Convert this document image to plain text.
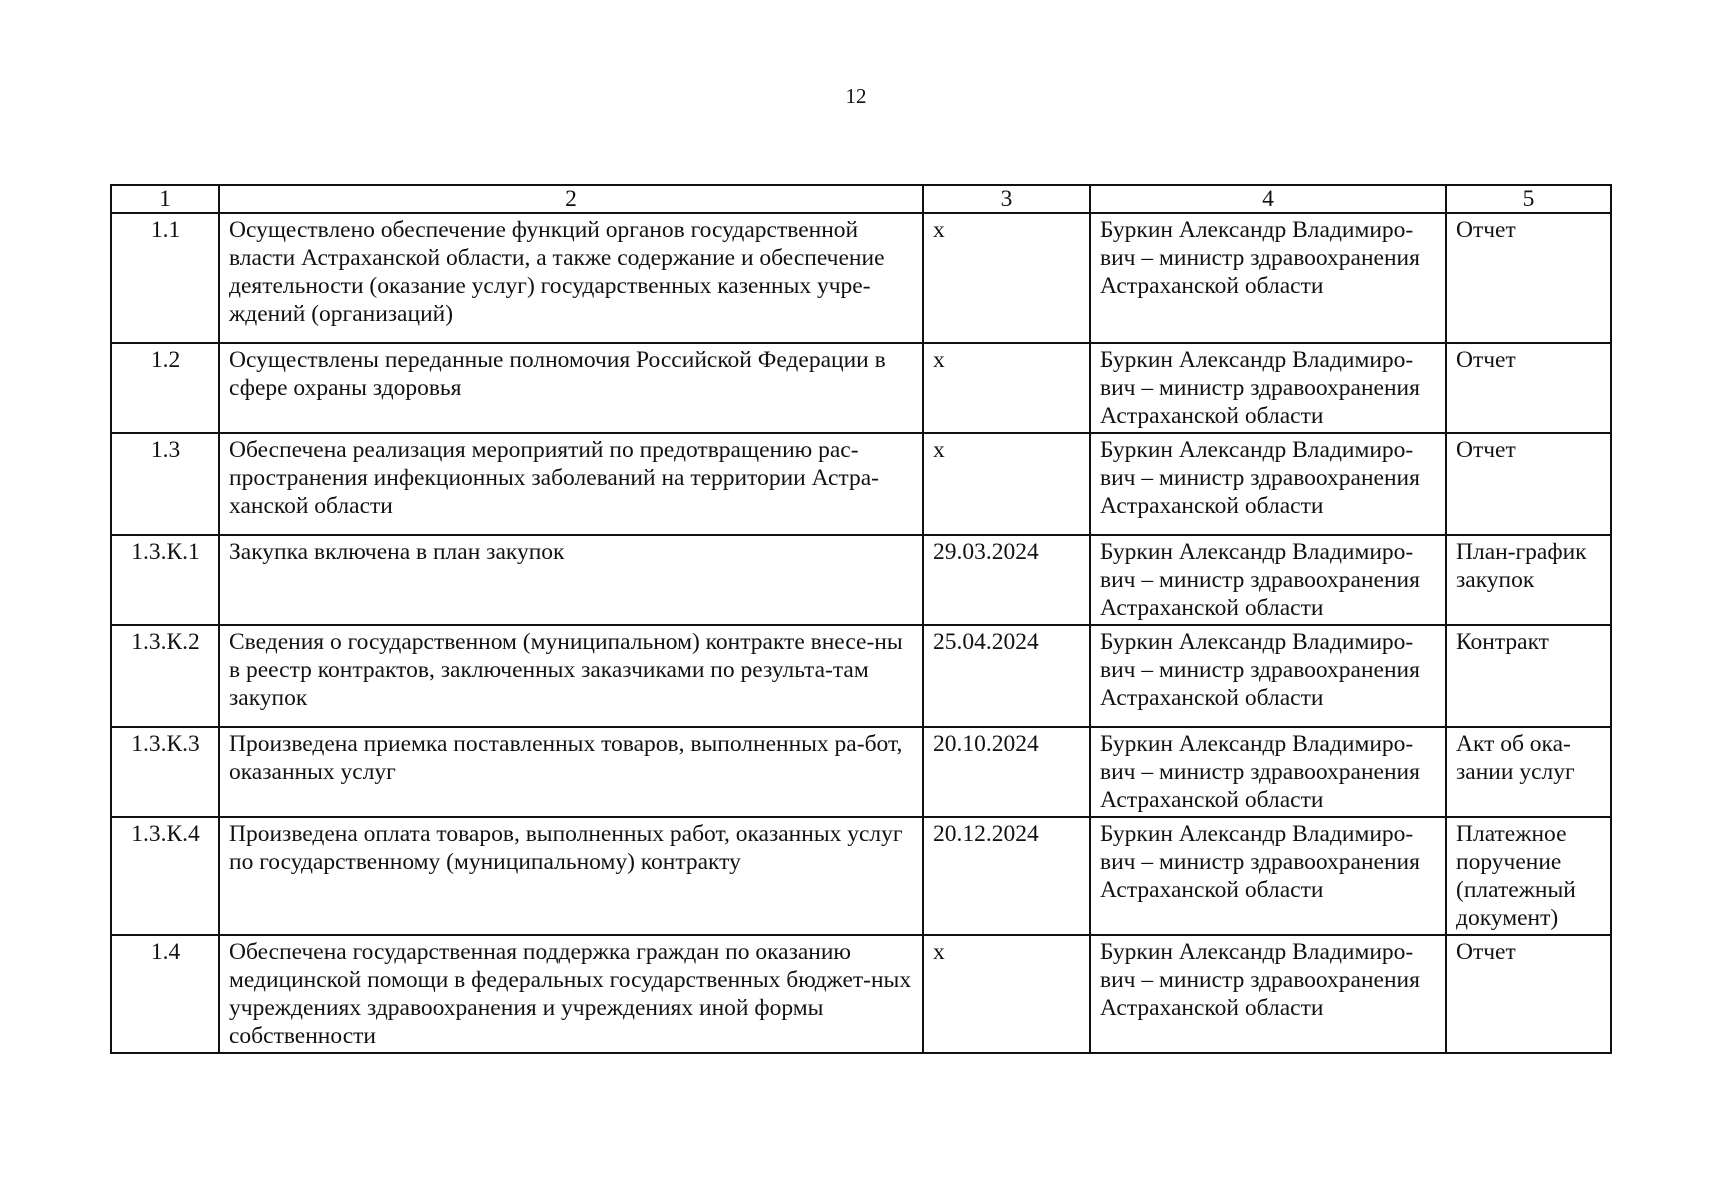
12
1	2	3	4	5
1.1	Осуществлено обеспечение функций органов государственной власти Астраханской области, а также содержание и обеспечение деятельности (оказание услуг) государственных казенных учре-ждений (организаций)	x	Буркин Александр Владимиро-вич – министр здравоохранения Астраханской области	Отчет
1.2	Осуществлены переданные полномочия Российской Федерации в сфере охраны здоровья	x	Буркин Александр Владимиро-вич – министр здравоохранения Астраханской области	Отчет
1.3	Обеспечена реализация мероприятий по предотвращению рас-пространения инфекционных заболеваний на территории Астра-ханской области	x	Буркин Александр Владимиро-вич – министр здравоохранения Астраханской области	Отчет
1.3.К.1	Закупка включена в план закупок	29.03.2024	Буркин Александр Владимиро-вич – министр здравоохранения Астраханской области	План-график закупок
1.3.К.2	Сведения о государственном (муниципальном) контракте внесе-ны в реестр контрактов, заключенных заказчиками по результа-там закупок	25.04.2024	Буркин Александр Владимиро-вич – министр здравоохранения Астраханской области	Контракт
1.3.К.3	Произведена приемка поставленных товаров, выполненных ра-бот, оказанных услуг	20.10.2024	Буркин Александр Владимиро-вич – министр здравоохранения Астраханской области	Акт об ока-зании услуг
1.3.К.4	Произведена оплата товаров, выполненных работ, оказанных услуг по государственному (муниципальному) контракту	20.12.2024	Буркин Александр Владимиро-вич – министр здравоохранения Астраханской области	Платежное поручение (платежный документ)
1.4	Обеспечена государственная поддержка граждан по оказанию медицинской помощи в федеральных государственных бюджет-ных учреждениях здравоохранения и учреждениях иной формы собственности	x	Буркин Александр Владимиро-вич – министр здравоохранения Астраханской области	Отчет
